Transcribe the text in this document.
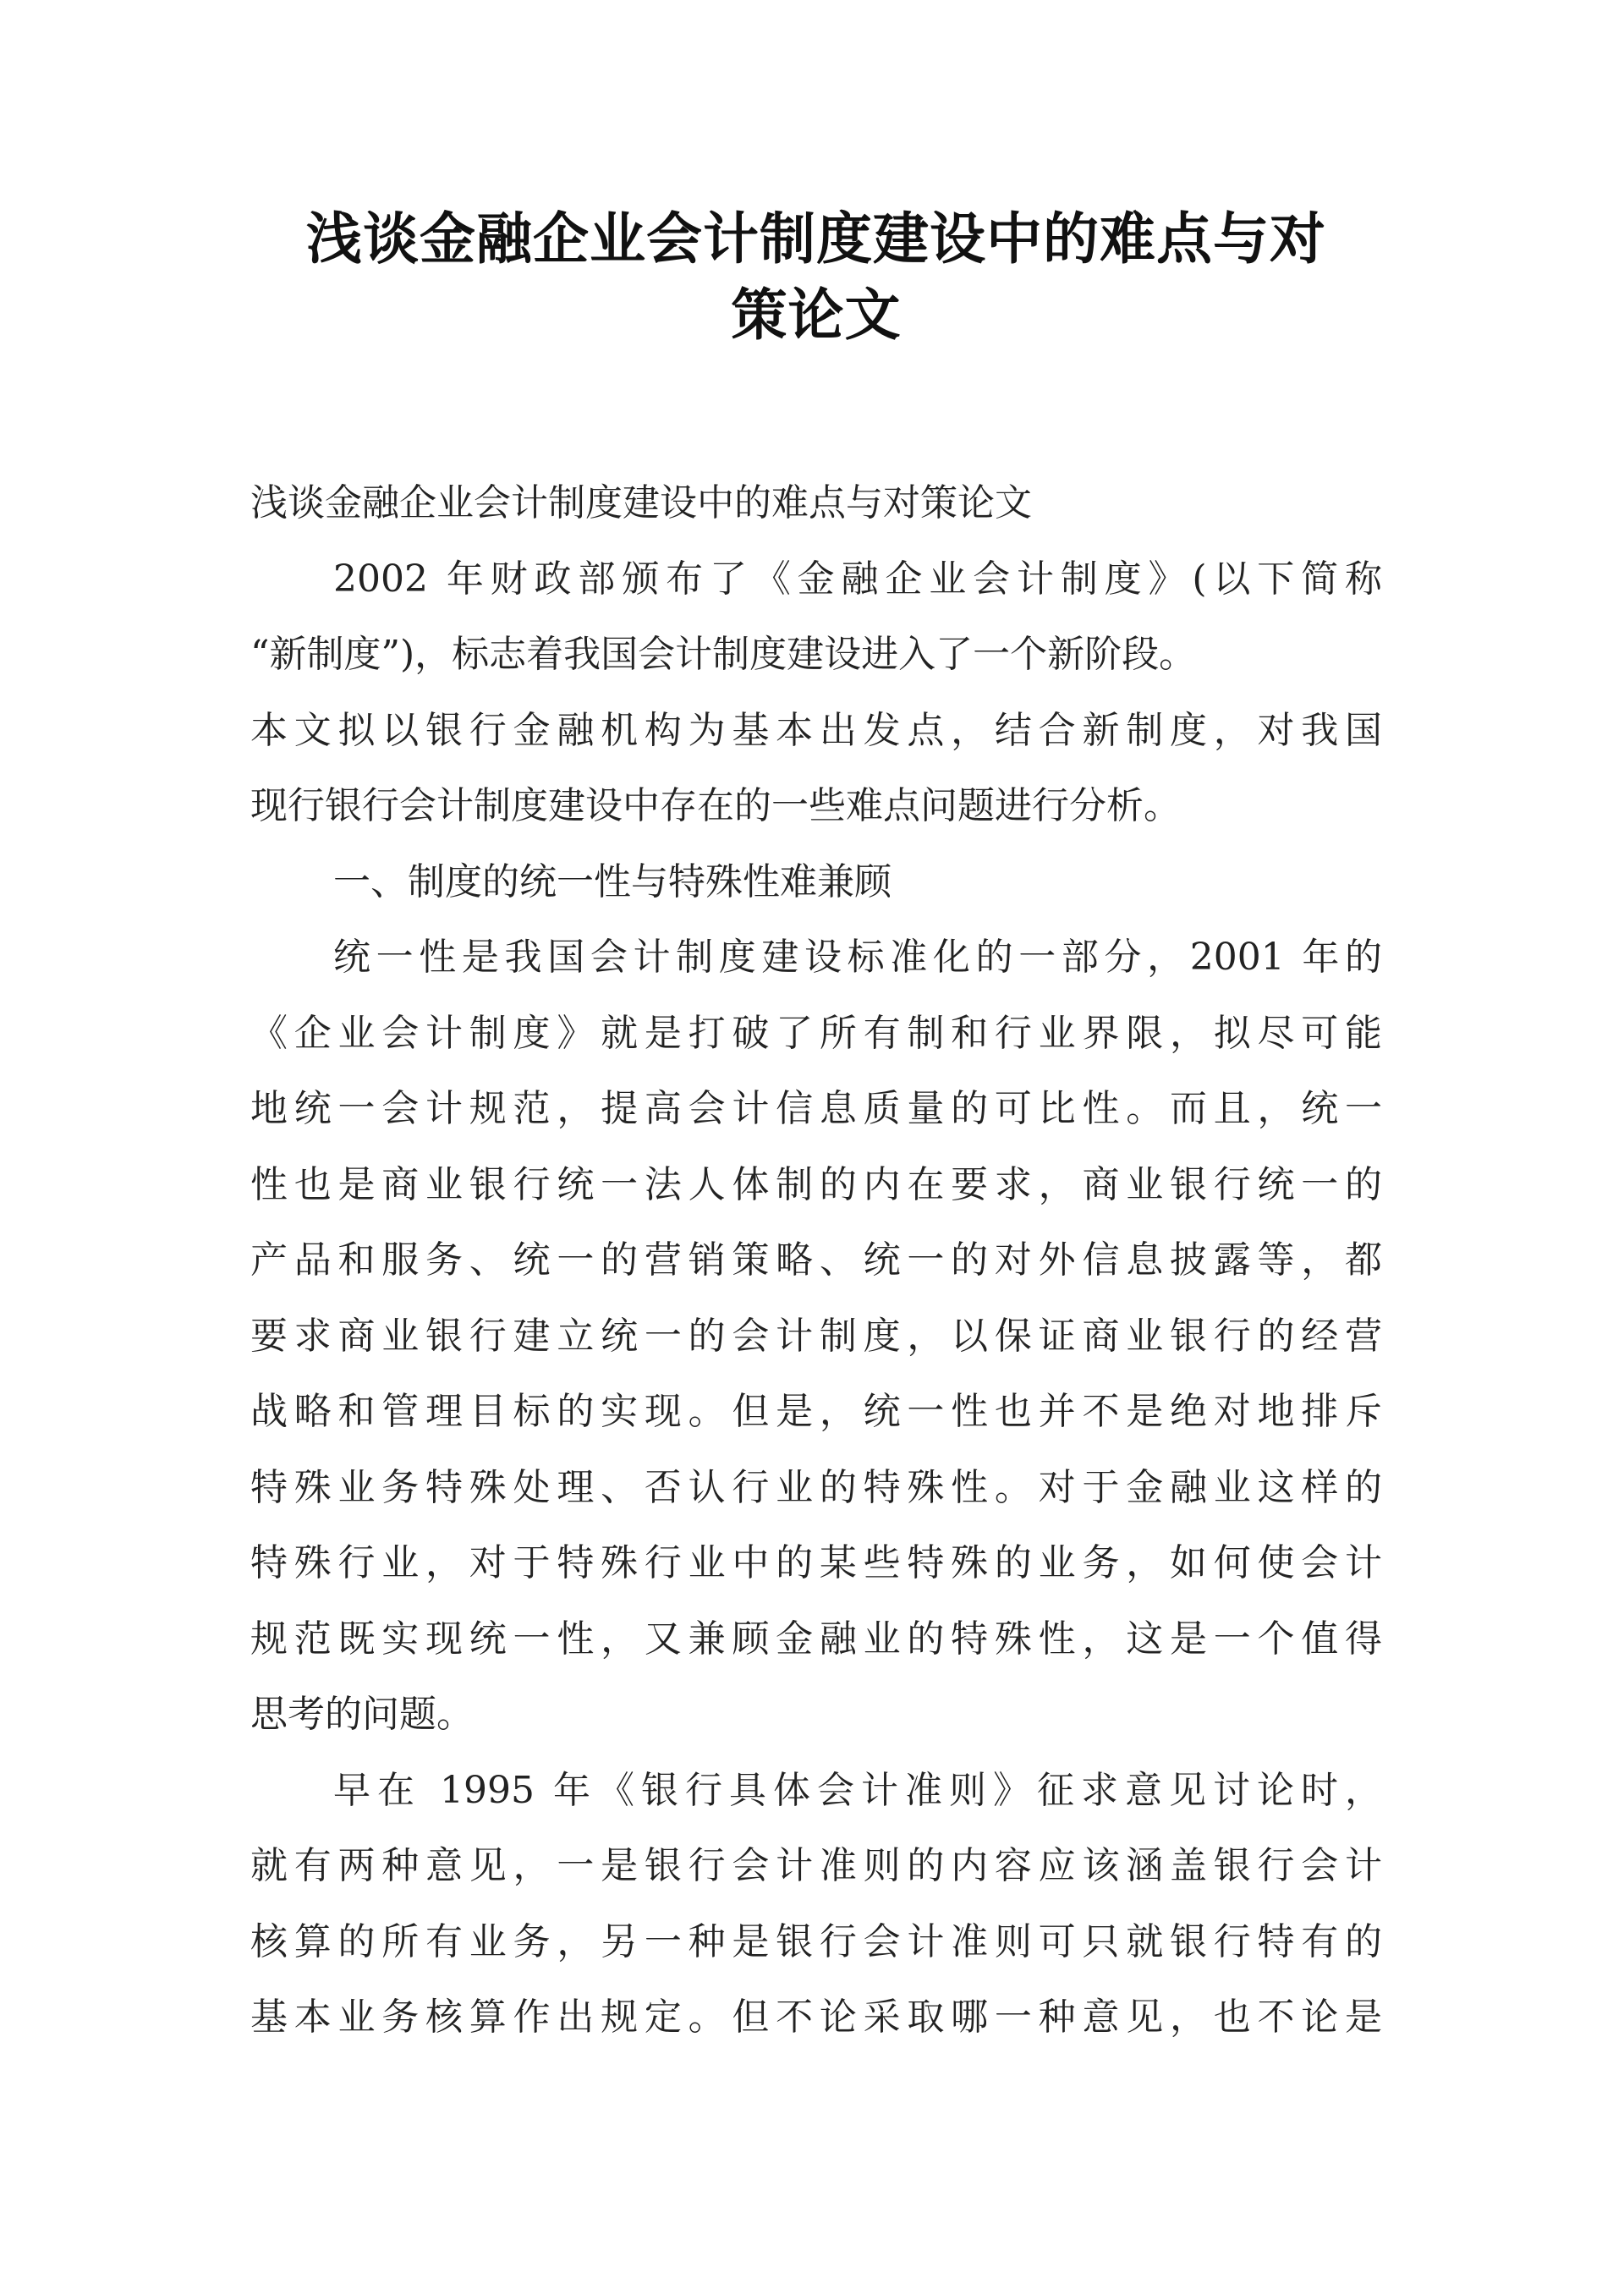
浅谈金融企业会计制度建设中的难点与对
策论文
浅谈金融企业会计制度建设中的难点与对策论文
2002 年财政部颁布了《金融企业会计制度》(以下简称
“新制度”)，标志着我国会计制度建设进入了一个新阶段。
本文拟以银行金融机构为基本出发点，结合新制度，对我国
现行银行会计制度建设中存在的一些难点问题进行分析。
一、制度的统一性与特殊性难兼顾
统一性是我国会计制度建设标准化的一部分，2001 年的
《企业会计制度》就是打破了所有制和行业界限，拟尽可能
地统一会计规范，提高会计信息质量的可比性。而且，统一
性也是商业银行统一法人体制的内在要求，商业银行统一的
产品和服务、统一的营销策略、统一的对外信息披露等，都
要求商业银行建立统一的会计制度，以保证商业银行的经营
战略和管理目标的实现。但是，统一性也并不是绝对地排斥
特殊业务特殊处理、否认行业的特殊性。对于金融业这样的
特殊行业，对于特殊行业中的某些特殊的业务，如何使会计
规范既实现统一性，又兼顾金融业的特殊性，这是一个值得
思考的问题。
早在 1995 年《银行具体会计准则》征求意见讨论时，
就有两种意见，一是银行会计准则的内容应该涵盖银行会计
核算的所有业务，另一种是银行会计准则可只就银行特有的
基本业务核算作出规定。但不论采取哪一种意见，也不论是
